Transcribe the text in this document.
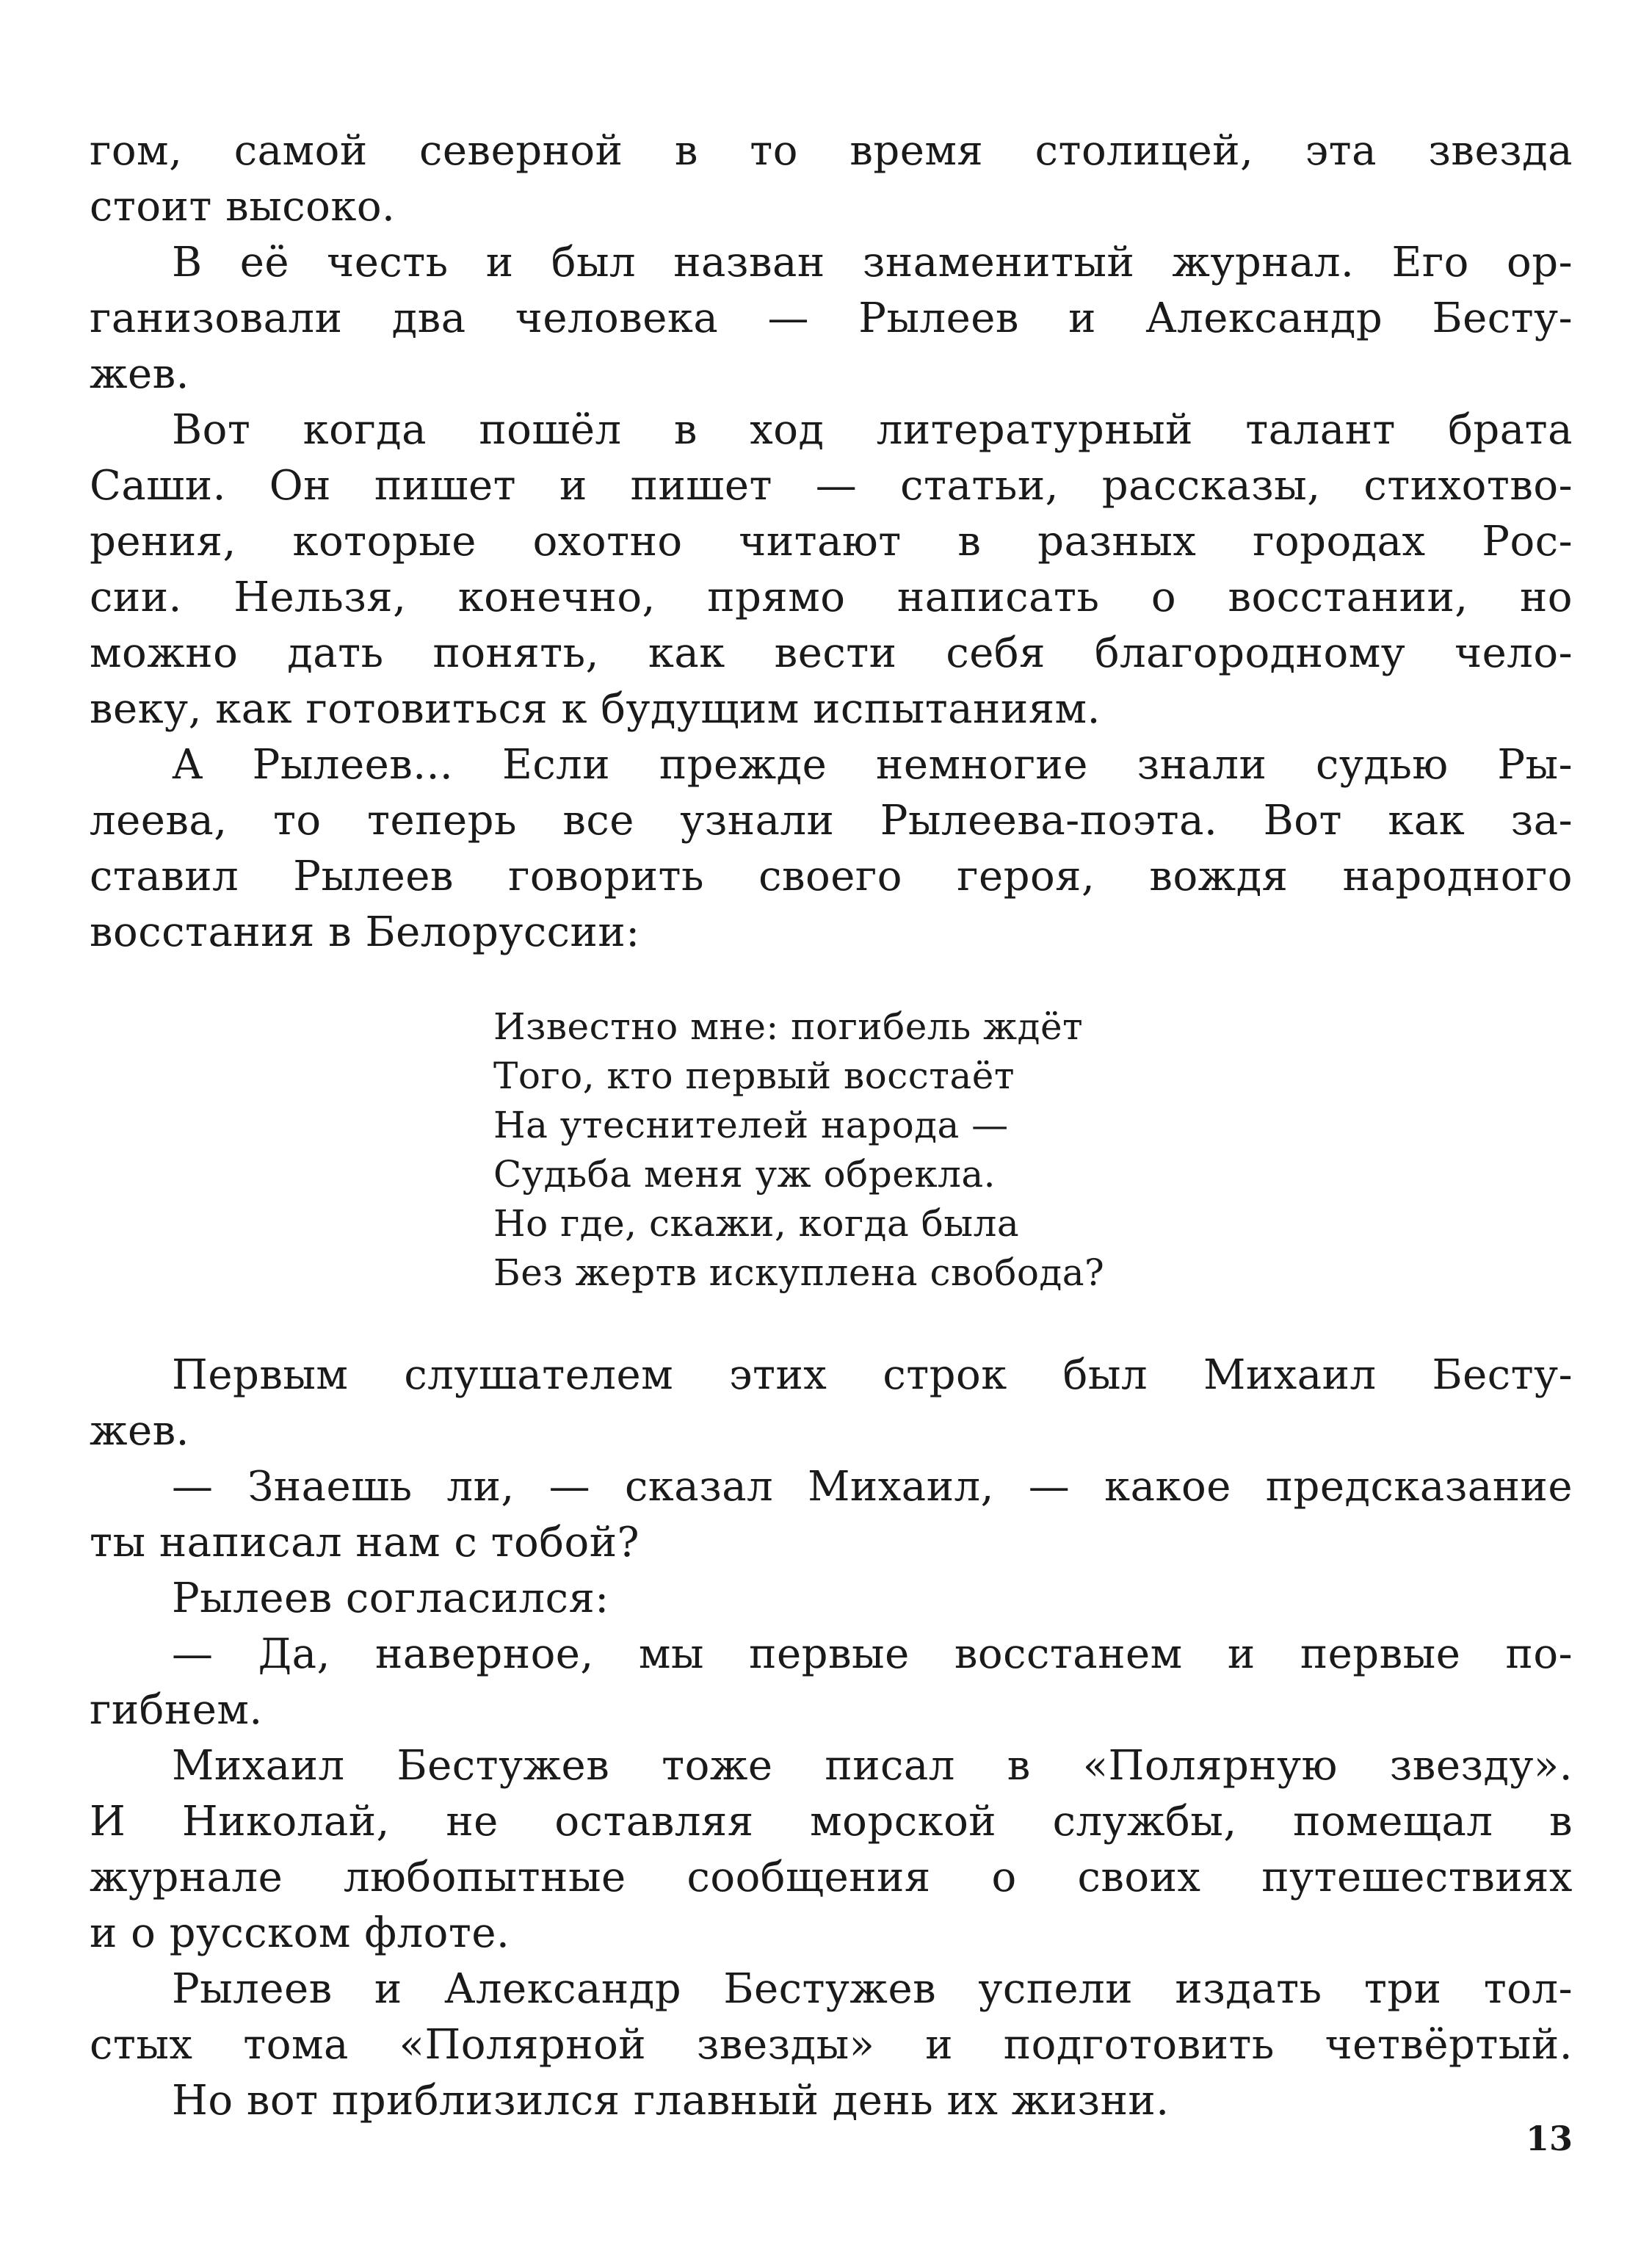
гом, самой северной в то время столицей, эта звезда
стоит высоко.
В её честь и был назван знаменитый журнал. Его ор-
ганизовали два человека — Рылеев и Александр Бесту-
жев.
Вот когда пошёл в ход литературный талант брата
Саши. Он пишет и пишет — статьи, рассказы, стихотво-
рения, которые охотно читают в разных городах Рос-
сии. Нельзя, конечно, прямо написать о восстании, но
можно дать понять, как вести себя благородному чело-
веку, как готовиться к будущим испытаниям.
А Рылеев... Если прежде немногие знали судью Ры-
леева, то теперь все узнали Рылеева-поэта. Вот как за-
ставил Рылеев говорить своего героя, вождя народного
восстания в Белоруссии:
Известно мне: погибель ждёт
Того, кто первый восстаёт
На утеснителей народа —
Судьба меня уж обрекла.
Но где, скажи, когда была
Без жертв искуплена свобода?
Первым слушателем этих строк был Михаил Бесту-
жев.
— Знаешь ли, — сказал Михаил, — какое предсказание
ты написал нам с тобой?
Рылеев согласился:
— Да, наверное, мы первые восстанем и первые по-
гибнем.
Михаил Бестужев тоже писал в «Полярную звезду».
И Николай, не оставляя морской службы, помещал в
журнале любопытные сообщения о своих путешествиях
и о русском флоте.
Рылеев и Александр Бестужев успели издать три тол-
стых тома «Полярной звезды» и подготовить четвёртый.
Но вот приблизился главный день их жизни.
13
